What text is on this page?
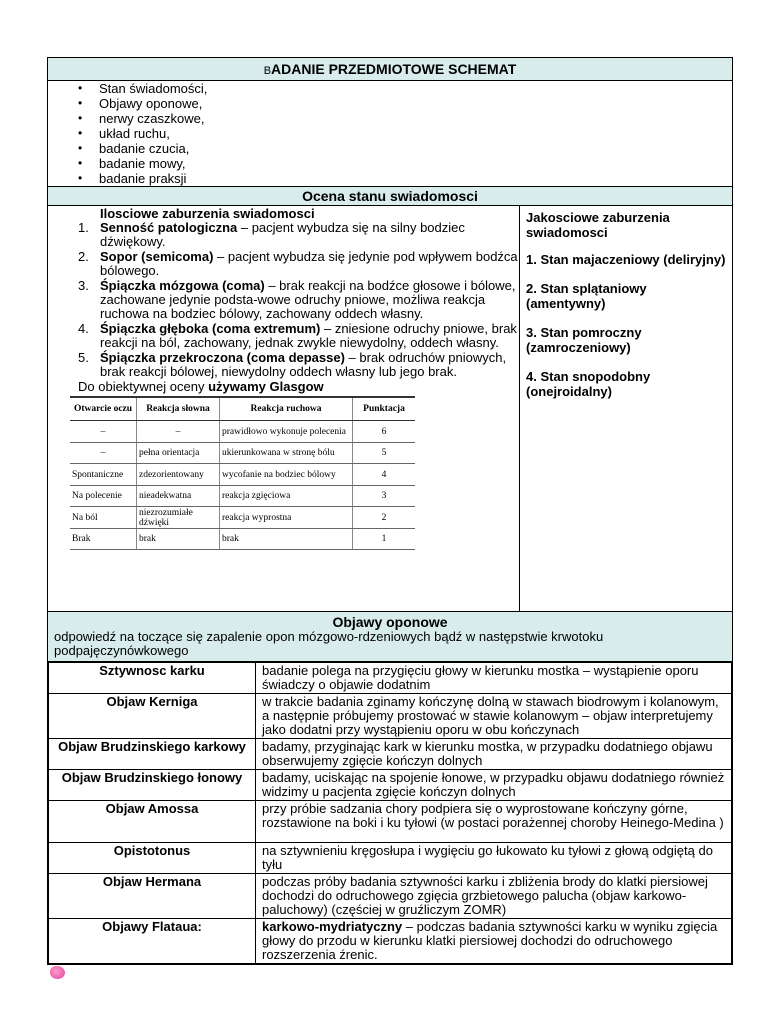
BADANIE PRZEDMIOTOWE SCHEMAT
• Stan świadomości,
• Objawy oponowe,
• nerwy czaszkowe,
• układ ruchu,
• badanie czucia,
• badanie mowy,
• badanie praksji
Ocena stanu swiadomosci
Ilosciowe zaburzenia swiadomosci
1. Senność patologiczna – pacjent wybudza się na silny bodziec dźwiękowy.
2. Sopor (semicoma) – pacjent wybudza się jedynie pod wpływem bodźca bólowego.
3. Śpiączka mózgowa (coma) – brak reakcji na bodźce głosowe i bólowe, zachowane jedynie podsta-wowe odruchy pniowe, możliwa reakcja ruchowa na bodziec bólowy, zachowany oddech własny.
4. Śpiączka głęboka (coma extremum) – zniesione odruchy pniowe, brak reakcji na ból, zachowany, jednak zwykle niewydolny, oddech własny.
5. Śpiączka przekroczona (coma depasse) – brak odruchów pniowych, brak reakcji bólowej, niewydolny oddech własny lub jego brak.
Do obiektywnej oceny używamy Glasgow
Otwarcie oczu	Reakcja słowna	Reakcja ruchowa	Punktacja
–	–	prawidłowo wykonuje polecenia	6
–	pełna orientacja	ukierunkowana w stronę bólu	5
Spontaniczne	zdezorientowany	wycofanie na bodziec bólowy	4
Na polecenie	nieadekwatna	reakcja zgięciowa	3
Na ból	niezrozumiałe dźwięki	reakcja wyprostna	2
Brak	brak	brak	1
Jakosciowe zaburzenia swiadomosci
1. Stan majaczeniowy (deliryjny)
2. Stan splątaniowy (amentywny)
3. Stan pomroczny (zamroczeniowy)
4. Stan snopodobny (onejroidalny)
Objawy oponowe
odpowiedź na toczące się zapalenie opon mózgowo-rdzeniowych bądź w następstwie krwotoku podpajęczynówkowego
Sztywnosc karku	badanie polega na przygięciu głowy w kierunku mostka – wystąpienie oporu świadczy o objawie dodatnim
Objaw Kerniga	w trakcie badania zginamy kończynę dolną w stawach biodrowym i kolanowym, a następnie próbujemy prostować w stawie kolanowym – objaw interpretujemy jako dodatni przy wystąpieniu oporu w obu kończynach
Objaw Brudzinskiego karkowy	badamy, przyginając kark w kierunku mostka, w przypadku dodatniego objawu obserwujemy zgięcie kończyn dolnych
Objaw Brudzinskiego łonowy	badamy, uciskając na spojenie łonowe, w przypadku objawu dodatniego również widzimy u pacjenta zgięcie kończyn dolnych
Objaw Amossa	przy próbie sadzania chory podpiera się o wyprostowane kończyny górne, rozstawione na boki i ku tyłowi (w postaci porażennej choroby Heinego-Medina )
Opistotonus	na sztywnieniu kręgosłupa i wygięciu go łukowato ku tyłowi z głową odgiętą do tyłu
Objaw Hermana	podczas próby badania sztywności karku i zbliżenia brody do klatki piersiowej dochodzi do odruchowego zgięcia grzbietowego palucha (objaw karkowo-paluchowy) (częściej w gruźliczym ZOMR)
Objawy Flataua:	karkowo-mydriatyczny – podczas badania sztywności karku w wyniku zgięcia głowy do przodu w kierunku klatki piersiowej dochodzi do odruchowego rozszerzenia źrenic.
